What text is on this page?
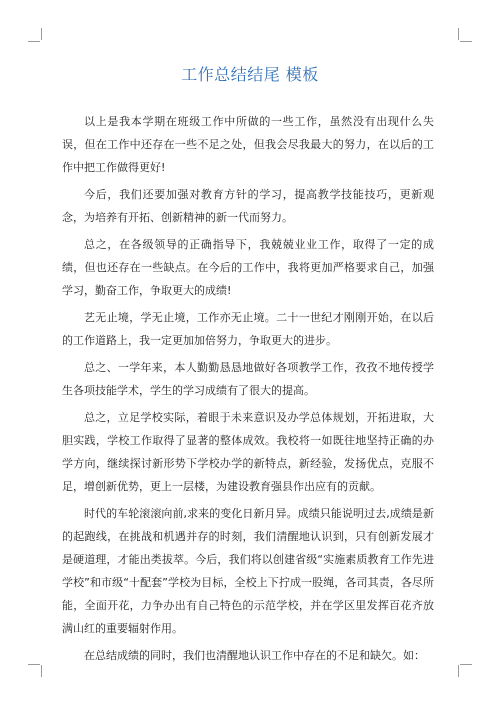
工作总结结尾 模板

以上是我本学期在班级工作中所做的一些工作，虽然没有出现什么失误，但在工作中还存在一些不足之处，但我会尽我最大的努力，在以后的工作中把工作做得更好!

今后，我们还要加强对教育方针的学习，提高教学技能技巧，更新观念，为培养有开拓、创新精神的新一代而努力。

总之，在各级领导的正确指导下，我兢兢业业工作，取得了一定的成绩，但也还存在一些缺点。在今后的工作中，我将更加严格要求自己，加强学习，勤奋工作，争取更大的成绩!

艺无止境，学无止境，工作亦无止境。二十一世纪才刚刚开始，在以后的工作道路上，我一定更加加倍努力，争取更大的进步。

总之、一学年来，本人勤勤恳恳地做好各项教学工作，孜孜不地传授学生各项技能学术，学生的学习成绩有了很大的提高。

总之，立足学校实际，着眼于未来意识及办学总体规划，开拓进取，大胆实践，学校工作取得了显著的整体成效。我校将一如既往地坚持正确的办学方向，继续探讨新形势下学校办学的新特点，新经验，发扬优点，克服不足，增创新优势，更上一层楼，为建设教育强县作出应有的贡献。

时代的车轮滚滚向前,求来的变化日新月异。成绩只能说明过去,成绩是新的起跑线，在挑战和机遇并存的时刻，我们清醒地认识到，只有创新发展才是硬道理，才能出类拔萃。今后，我们将以创建省级“实施素质教育工作先进学校”和市级“十配套”学校为目标，全校上下拧成一股绳，各司其责，各尽所能，全面开花，力争办出有自己特色的示范学校，并在学区里发挥百花齐放满山红的重要辐射作用。

在总结成绩的同时，我们也清醒地认识工作中存在的不足和缺欠。如：
